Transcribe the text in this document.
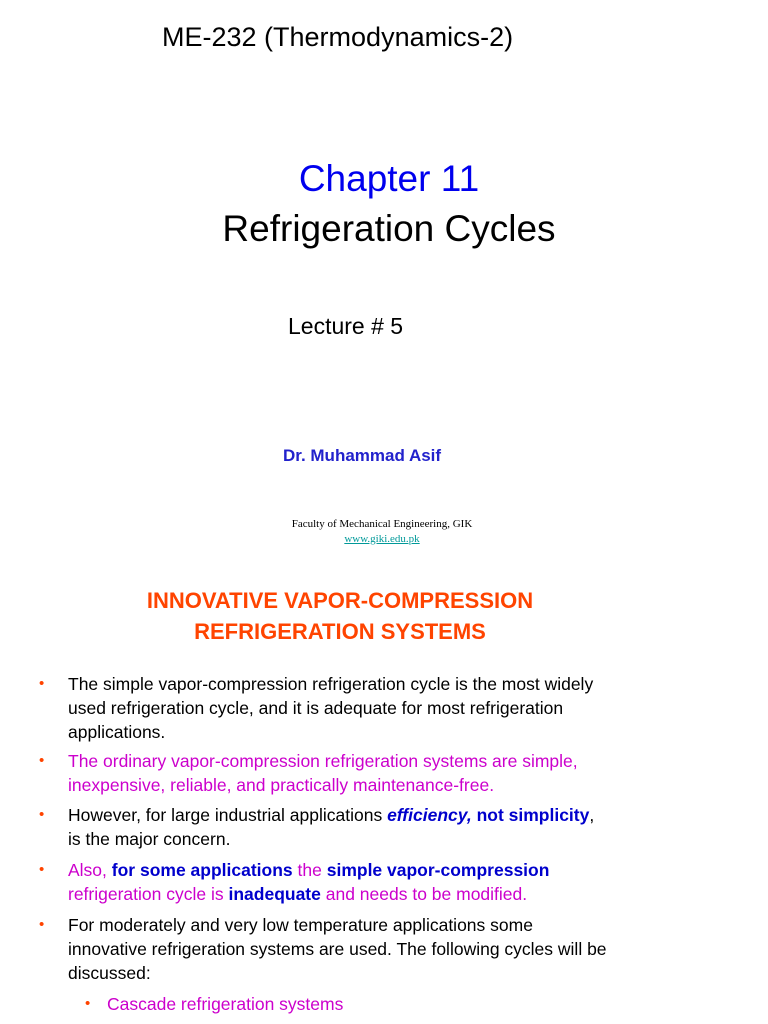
ME-232 (Thermodynamics-2)
Chapter 11
Refrigeration Cycles
Lecture # 5
Dr. Muhammad Asif
Faculty of Mechanical Engineering, GIK
www.giki.edu.pk
INNOVATIVE VAPOR-COMPRESSION
REFRIGERATION SYSTEMS
• The simple vapor-compression refrigeration cycle is the most widely
used refrigeration cycle, and it is adequate for most refrigeration
applications.
• The ordinary vapor-compression refrigeration systems are simple,
inexpensive, reliable, and practically maintenance-free.
• However, for large industrial applications efficiency, not simplicity,
is the major concern.
• Also, for some applications the simple vapor-compression
refrigeration cycle is inadequate and needs to be modified.
• For moderately and very low temperature applications some
innovative refrigeration systems are used. The following cycles will be
discussed:
• Cascade refrigeration systems
